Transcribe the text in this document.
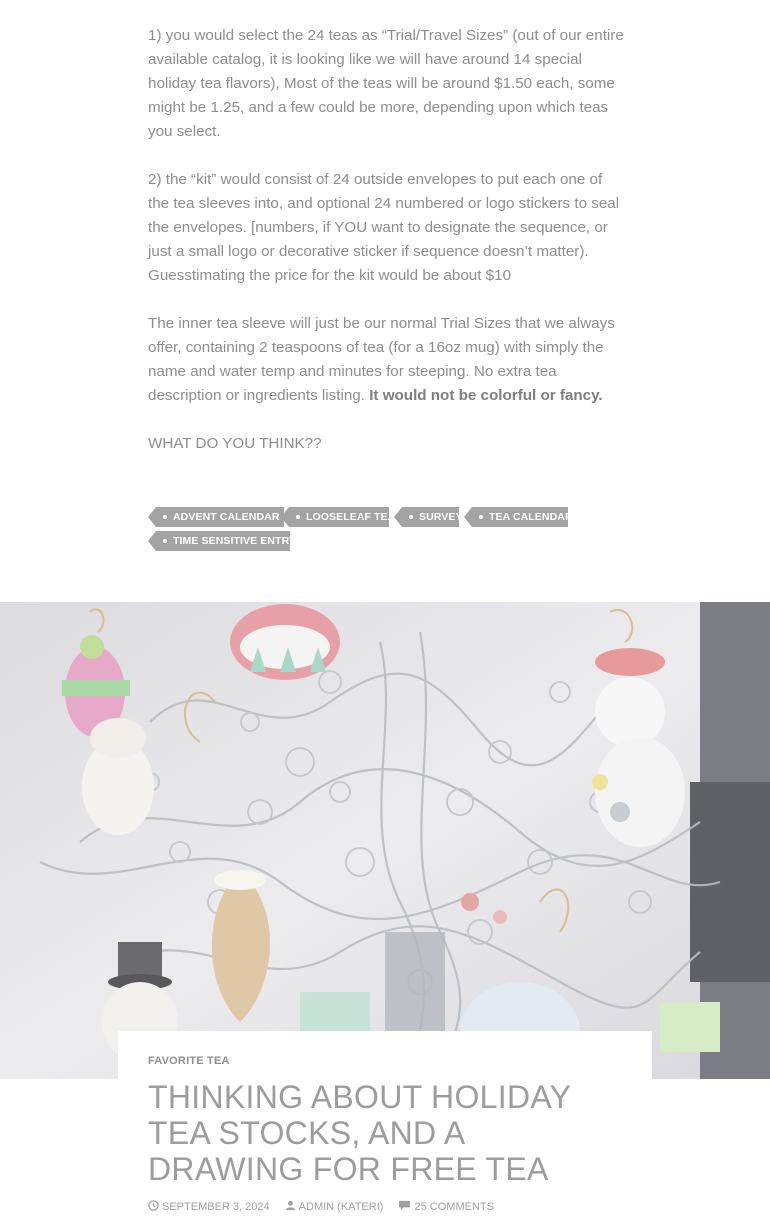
1) you would select the 24 teas as “Trial/Travel Sizes” (out of our entire available catalog, it is looking like we will have around 14 special holiday tea flavors), Most of the teas will be around $1.50 each, some might be 1.25, and a few could be more, depending upon which teas you select.

2) the “kit” would consist of 24 outside envelopes to put each one of the tea sleeves into, and optional 24 numbered or logo stickers to seal the envelopes. [numbers, if YOU want to designate the sequence, or just a small logo or decorative sticker if sequence doesn’t matter). Guesstimating the price for the kit would be about $10

The inner tea sleeve will just be our normal Trial Sizes that we always offer, containing 2 teaspoons of tea (for a 16oz mug) with simply the name and water temp and minutes for steeping. No extra tea description or ingredients listing. It would not be colorful or fancy.

WHAT DO YOU THINK??

ADVENT CALENDAR	LOOSELEAF TEA	SURVEY	TEA CALENDAR
TIME SENSITIVE ENTRY
FAVORITE TEA
THINKING ABOUT HOLIDAY TEA STOCKS, AND A DRAWING FOR FREE TEA
SEPTEMBER 3, 2024	ADMIN (KATERI)	25 COMMENTS
